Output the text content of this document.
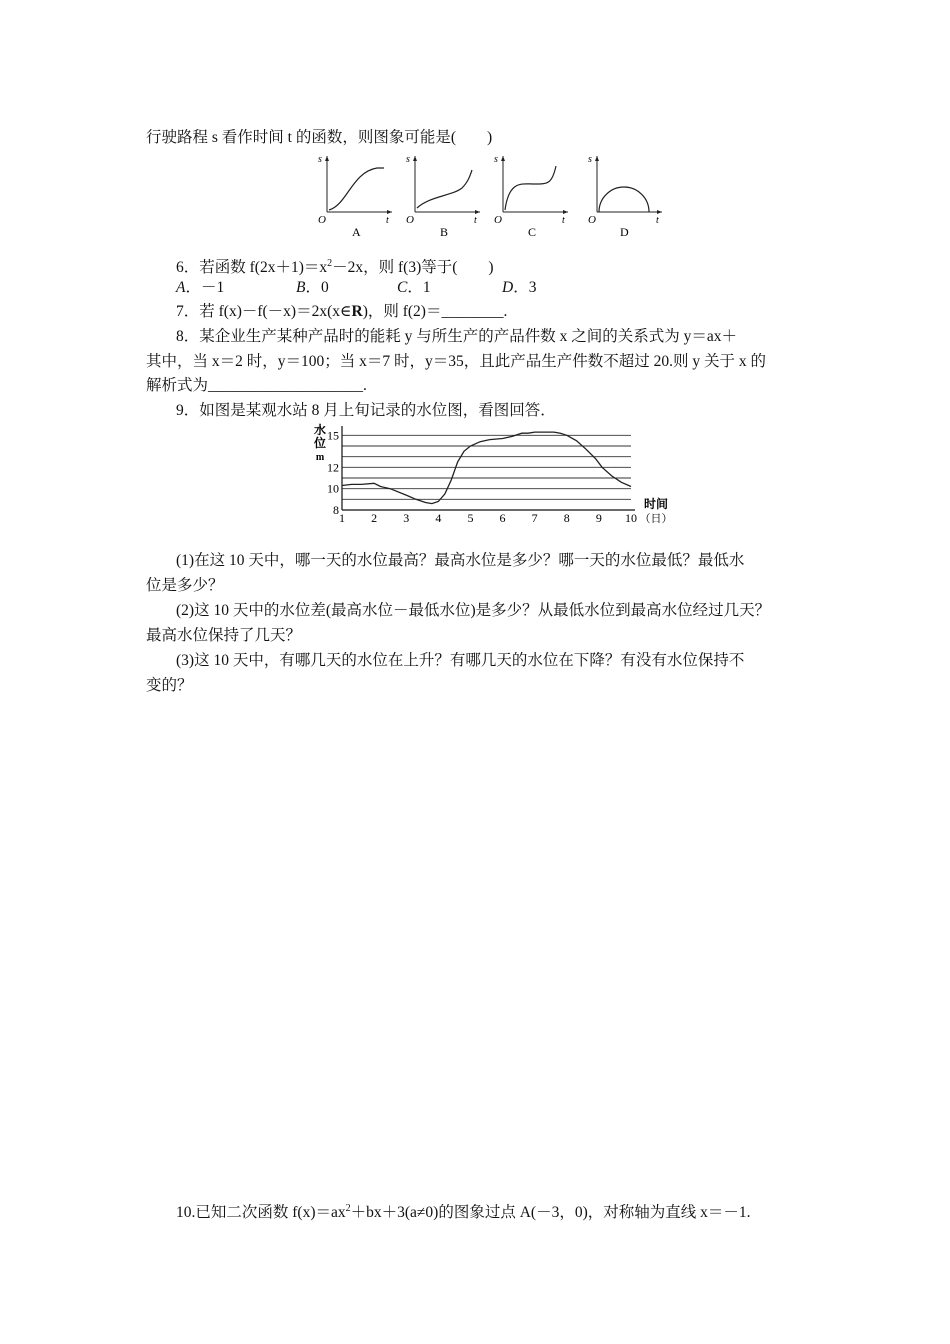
行驶路程 s 看作时间 t 的函数，则图象可能是(　　)
s
t
O
A
s
t
O
B
s
t
O
C
s
t
O
D
6．若函数 $f(2x+1)=x^2-2x$，则 f(3)等于(　　)
A．－1	B．0	C．1	D．3
7．若 f(x)－f(－x)＝2x(x∈R)，则 f(2)＝________.
8．某企业生产某种产品时的能耗 y 与所生产的产品件数 x 之间的关系式为 y＝ax＋
其中，当 x＝2 时，y＝100；当 x＝7 时，y＝35，且此产品生产件数不超过 20.则 y 关于 x 的
解析式为____________________.
9．如图是某观水站 8 月上旬记录的水位图，看图回答．
8
10
12
15
1 2 3 4 5 6 7 8 9 10
水
位
m
时间
（日）
(1)在这 10 天中，哪一天的水位最高？最高水位是多少？哪一天的水位最低？最低水
位是多少？
(2)这 10 天中的水位差(最高水位－最低水位)是多少？从最低水位到最高水位经过几天？
最高水位保持了几天？
(3)这 10 天中，有哪几天的水位在上升？有哪几天的水位在下降？有没有水位保持不
变的？
10.已知二次函数 $f(x)=ax^2+bx+3(a\ne 0)$的图象过点 A(－3，0)，对称轴为直线 x＝－1.
